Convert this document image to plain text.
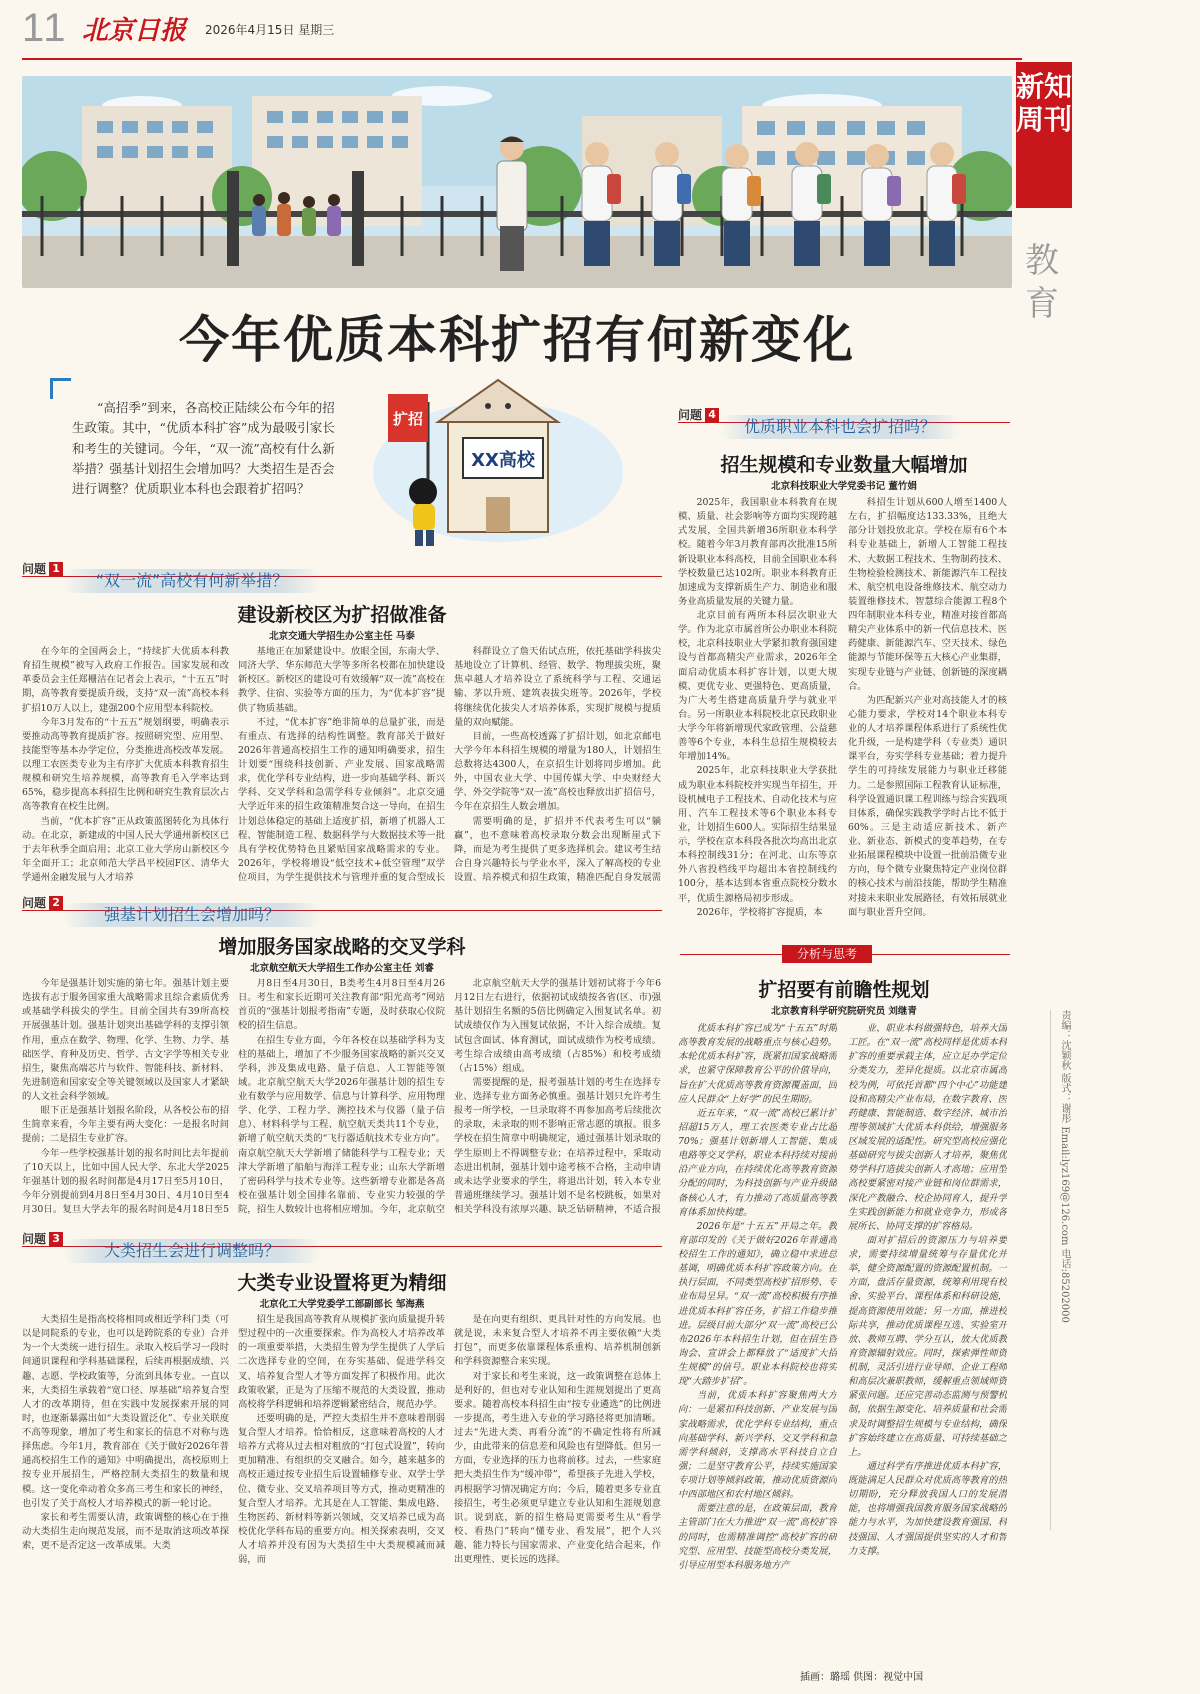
11 北京日报 2026年4月15日 星期三
新知周刊
教育
责编：沈颖秋 版式：谢彤 Email:lyz169@126.com 电话:85202000
今年优质本科扩招有何新变化
“高招季”到来，各高校正陆续公布今年的招生政策。其中，“优质本科扩容”成为最吸引家长和考生的关键词。今年，“双一流”高校有什么新举措？强基计划招生会增加吗？大类招生是否会进行调整？优质职业本科也会跟着扩招吗？
XX高校
扩招
问题 1
“双一流”高校有何新举措？
建设新校区为扩招做准备
北京交通大学招生办公室主任 马泰

在今年的全国两会上，“持续扩大优质本科教育招生规模”被写入政府工作报告。国家发展和改革委员会主任郑栅洁在记者会上表示，“十五五”时期，高等教育要提质升级，支持“双一流”高校本科扩招10万人以上，建强200个应用型本科院校。

今年3月发布的“十五五”规划纲要，明确表示要推动高等教育提质扩容。按照研究型、应用型、技能型等基本办学定位，分类推进高校改革发展。以理工农医类专业为主有序扩大优质本科教育招生规模和研究生培养规模，高等教育毛入学率达到65%，稳步提高本科招生比例和研究生教育层次占高等教育在校生比例。

当前，“优本扩容”正从政策蓝图转化为具体行动。在北京，新建成的中国人民大学通州新校区已于去年秋季全面启用；北京工业大学房山新校区今年全面开工；北京师范大学昌平校园F区、清华大学通州金融发展与人才培养

基地正在加紧建设中。放眼全国，东南大学、同济大学、华东师范大学等多所名校都在加快建设新校区。新校区的建设可有效缓解“双一流”高校在教学、住宿、实验等方面的压力，为“优本扩容”提供了物质基础。

不过，“优本扩容”绝非简单的总量扩张，而是有重点、有选择的结构性调整。教育部关于做好2026年普通高校招生工作的通知明确要求，招生计划要“围绕科技创新、产业发展、国家战略需求，优化学科专业结构，进一步向基础学科、新兴学科、交叉学科和急需学科专业倾斜”。北京交通大学近年来的招生政策精准契合这一导向，在招生计划总体稳定的基础上适度扩招，新增了机器人工程、智能制造工程、数据科学与大数据技术等一批具有学校优势特色且紧贴国家战略需求的专业。2026年，学校将增设“低空技术+低空管理”双学位项目，为学生提供技术与管理并重的复合型成长

科群设立了詹天佑试点班，依托基础学科拔尖基地设立了计算机、经管、数学、物理拔尖班，聚焦卓越人才培养设立了系统科学与工程、交通运输、茅以升班、建筑表拔尖班等。2026年，学校将继续优化拔尖人才培养体系，实现扩规模与提质量的双向赋能。

目前，一些高校透露了扩招计划，如北京邮电大学今年本科招生规模的增量为180人，计划招生总数将达4300人，在京招生计划将同步增加。此外，中国农业大学、中国传媒大学、中央财经大学、外交学院等“双一流”高校也释放出扩招信号，今年在京招生人数会增加。

需要明确的是，扩招并不代表考生可以“躺赢”，也不意味着高校录取分数会出现断崖式下降，而是为考生提供了更多选择机会。建议考生结合自身兴趣特长与学业水平，深入了解高校的专业设置、培养模式和招生政策，精准匹配自身发展需

问题 2
强基计划招生会增加吗？
增加服务国家战略的交叉学科
北京航空航天大学招生工作办公室主任 刘睿

今年是强基计划实施的第七年。强基计划主要选拔有志于服务国家重大战略需求且综合素质优秀或基础学科拔尖的学生。目前全国共有39所高校开展强基计划。强基计划突出基础学科的支撑引领作用，重点在数学、物理、化学、生物、力学、基础医学、育种及历史、哲学、古文字学等相关专业招生，聚焦高端芯片与软件、智能科技、新材料、先进制造和国家安全等关键领域以及国家人才紧缺的人文社会科学领域。

眼下正是强基计划报名阶段，从各校公布的招生简章来看，今年主要有两大变化：一是报名时间提前；二是招生专业扩容。

今年一些学校强基计划的报名时间比去年提前了10天以上，比如中国人民大学、东北大学2025年强基计划的报名时间都是4月17日至5月10日，今年分别提前到4月8日至4月30日、4月10日至4月30日。复旦大学去年的报名时间是4月18日至5

月8日至4月30日，B类考生4月8日至4月26日。考生和家长近期可关注教育部“阳光高考”网站首页的“强基计划报考指南”专题，及时获取心仪院校的招生信息。

在招生专业方面，今年各校在以基础学科为支柱的基础上，增加了不少服务国家战略的新兴交叉学科，涉及集成电路、量子信息、人工智能等领域。北京航空航天大学2026年强基计划的招生专业有数学与应用数学、信息与计算科学、应用物理学、化学、工程力学、测控技术与仪器（量子信息）、材料科学与工程、航空航天类共11个专业，新增了航空航天类的“飞行器适航技术专业方向”。南京航空航天大学新增了储能科学与工程专业；天津大学新增了船舶与海洋工程专业；山东大学新增了密码科学与技术专业等。这些新增专业都是各高校在强基计划全国排名靠前、专业实力较强的学院，招生人数较计也将相应增加。今年，北京航空

北京航空航天大学的强基计划初试将于今年6月12日左右进行，依据初试成绩按各省(区、市)强基计划招生名额的5倍比例确定入围复试名单。初试成绩仅作为入围复试依据，不计入综合成绩。复试包含面试、体育测试，面试成绩作为校考成绩。考生综合成绩由高考成绩（占85%）和校考成绩（占15%）组成。

需要提醒的是，报考强基计划的考生在选择专业、选择专业方面务必慎重。强基计划只允许考生报考一所学校，一旦录取将不再参加高考后续批次的录取，未录取的则不影响正常志愿的填报。很多学校在招生简章中明确规定，通过强基计划录取的学生原则上不得调整专业；在培养过程中，采取动态进出机制，强基计划中途考核不合格，主动申请或未达学业要求的学生，将退出计划，转入本专业普通班继续学习。强基计划不是名校跳板，如果对相关学科没有浓厚兴趣、缺乏钻研精神，不适合报

问题 3
大类招生会进行调整吗？
大类专业设置将更为精细
北京化工大学党委学工部副部长 邹海燕

大类招生是指高校将相同或相近学科门类（可以是同院系的专业，也可以是跨院系的专业）合并为一个大类统一进行招生。录取入校后学习一段时间通识课程和学科基础课程，后续再根据成绩、兴趣、志愿、学校政策等，分流到具体专业。一直以来，大类招生承载着“宽口径、厚基础”培养复合型人才的改革期待，但在实践中发展探索开展的同时，也逐渐暴露出如“大类设置泛化”、专业关联度不高等现象，增加了考生和家长的信息不对称与选择焦虑。今年1月，教育部在《关于做好2026年普通高校招生工作的通知》中明确提出，高校原则上按专业开展招生，严格控制大类招生的数量和规模。这一变化牵动着众多高三考生和家长的神经，也引发了关于高校人才培养模式的新一轮讨论。

家长和考生需要认清，政策调整的核心在于推动大类招生走向规范发展，而不是取消这项改革探索，更不是否定这一改革成果。大类

招生是我国高等教育从规模扩张向质量提升转型过程中的一次重要探索。作为高校人才培养改革的一项重要举措，大类招生曾为学生提供了人学后二次选择专业的空间，在夯实基础、促进学科交叉、培养复合型人才等方面发挥了积极作用。此次政策收紧，正是为了压缩不规范的大类设置，推动高校将学科逻辑和培养逻辑紧密结合，规范办学。

还要明确的是，严控大类招生并不意味着削弱复合型人才培养。恰恰相反，这意味着高校的人才培养方式将从过去相对粗放的“打包式设置”，转向更加精准、有组织的交叉融合。如今，越来越多的高校正通过按专业招生后设置辅修专业、双学士学位、微专业、交叉培养项目等方式，推动更精准的复合型人才培养。尤其是在人工智能、集成电路、生物医药、新材料等新兴领域，交叉培养已成为高校优化学科布局的重要方向。相关探索表明，交叉人才培养并没有因为大类招生中大类规模减而减弱，而

是在向更有组织、更具针对性的方向发展。也就是说，未来复合型人才培养不再主要依赖“大类打包”，而更多依靠课程体系重构、培养机制创新和学科资源整合来实现。

对于家长和考生来说，这一政策调整在总体上是利好的，但也对专业认知和生涯规划提出了更高要求。随着高校本科招生由“按专业遴选”的比例进一步提高，考生进入专业的学习路径将更加清晰。过去“先进大类、再看分流”的不确定性将有所减少，由此带来的信息差和风险也有望降低。但另一方面，专业选择的压力也将前移。过去，一些家庭把大类招生作为“缓冲带”，希望孩子先进入学校，再根据学习情况确定方向；今后，随着更多专业直接招生，考生必须更早建立专业认知和生涯规划意识。说到底，新的招生格局更需要考生从“看学校、看热门”转向“懂专业、看发展”，把个人兴趣、能力特长与国家需求、产业变化结合起来，作出更理性、更长远的选择。

问题 4
优质职业本科也会扩招吗？
招生规模和专业数量大幅增加
北京科技职业大学党委书记 董竹娟

2025年，我国职业本科教育在规模、质量、社会影响等方面均实现跨越式发展，全国共新增36所职业本科学校。随着今年3月教育部再次批准15所新设职业本科高校，目前全国职业本科学校数量已达102所。职业本科教育正加速成为支撑新质生产力、制造业和服务业高质量发展的关键力量。

北京目前有两所本科层次职业大学。作为北京市属首所公办职业本科院校，北京科技职业大学紧扣教育强国建设与首都高精尖产业需求，2026年全面启动优质本科扩容计划，以更大规模、更优专业、更强特色、更高质量，为广大考生搭建高质量升学与就业平台。另一所职业本科院校北京民政职业大学今年将新增现代家政管理、公益慈善等6个专业，本科生总招生规模较去年增加14%。

2025年，北京科技职业大学获批成为职业本科院校并实现当年招生，开设机械电子工程技术、自动化技术与应用、汽车工程技术等6个职业本科专业，计划招生600人。实际招生结果显示，学校在京本科段各批次均高出北京本科控制线31分；在河北、山东等京外八省投档线平均超出本省控制线约100分，基本达到本省重点院校分数水平，优质生源格局初步形成。

2026年，学校将扩容提质，本

科招生计划从600人增至1400人左右，扩招幅度达133.33%，且绝大部分计划投放北京。学校在原有6个本科专业基础上，新增人工智能工程技术、大数据工程技术、生物制药技术、生物检验检测技术、新能源汽车工程技术、航空机电设备维修技术、航空动力装置维修技术、智慧综合能源工程8个四年制职业本科专业，精准对接首都高精尖产业体系中的新一代信息技术、医药健康、新能源汽车、空天技术、绿色能源与节能环保等五大核心产业集群，实现专业链与产业链、创新链的深度耦合。

为匹配新兴产业对高技能人才的核心能力要求，学校对14个职业本科专业的人才培养课程体系进行了系统性优化升级，一是构建学科（专业类）通识课平台，夯实学科专业基础；着力提升学生的可持续发展能力与职业迁移能力。二是参照国际工程教育认证标准，科学设置通识课工程训练与综合实践项目体系，确保实践教学学时占比不低于60%。三是主动适应新技术、新产业、新业态、新模式的变革趋势，在专业拓展课程模块中设置一批前沿微专业方向，每个微专业聚焦特定产业岗位群的核心技术与前沿技能，帮助学生精准对接未来职业发展路径，有效拓展就业面与职业晋升空间。

分析与思考
扩招要有前瞻性规划
北京教育科学研究院研究员 刘继青

优质本科扩容已成为“十五五”时期高等教育发展的战略重点与核心趋势。本轮优质本科扩容，既紧扣国家战略需求，也紧守保障教育公平的价值导向，旨在扩大优质高等教育资源覆盖面，回应人民群众“上好学”的民生期盼。

近五年来，“双一流”高校已累计扩招超15万人，理工农医类专业占比超70%；强基计划新增人工智能、集成电路等交叉学科，职业本科持续对接前沿产业方向，在持续优化高等教育资源分配的同时，为科技创新与产业升级储备核心人才，有力推动了高质量高等教育体系加快构建。

2026年是“十五五”开局之年。教育部印发的《关于做好2026年普通高校招生工作的通知》，确立稳中求进总基调，明确优质本科扩容政策方向。在执行层面，不同类型高校扩招形势、专业布局呈异。“双一流”高校积极有序推进优质本科扩容任务，扩招工作稳步推进。层级目前大部分“双一流”高校已公布2026年本科招生计划，但在招生咨询会、宣讲会上都释放了“适度扩大招生规模”的信号。职业本科院校也将实现“大踏步扩招”。

当前，优质本科扩容聚焦两大方向：一是紧扣科技创新、产业发展与国家战略需求，优化学科专业结构，重点向基础学科、新兴学科、交叉学科和急需学科倾斜，支撑高水平科技自立自强；二是坚守教育公平，持续实施国家专项计划等倾斜政策，推动优质资源向中西部地区和农村地区倾斜。

需要注意的是，在政策层面，教育主管部门在大力推进“双一流”高校扩容的同时，也需精准调控“高校扩容的研究型、应用型、技能型高校分类发展，引导应用型本科服务地方产

业、职业本科做强特色，培养大国工匠。在“双一流”高校同样是优质本科扩容的重要承载主体，应立足办学定位分类发力，差异化提质。以北京市属高校为例，可依托首都“四个中心”功能建设和高精尖产业布局，在数字教育、医药健康、智能制造、数字经济、城市治理等领域扩大优质本科供给，增强服务区域发展的适配性。研究型高校应强化基础研究与拔尖创新人才培养，聚焦优势学科打造拔尖创新人才高地；应用型高校要紧密对接产业链和岗位群需求，深化产教融合、校企协同育人，提升学生实践创新能力和就业竞争力，形成各展所长、协同支撑的扩容格局。

面对扩招后的资源压力与培养要求，需要持续增量统筹与存量优化并举，健全资源配置的资源配置机制。一方面，盘活存量资源，统筹利用现有校舍、实验平台、课程体系和科研设施，提高资源使用效能；另一方面，推进校际共享，推动优质课程互选、实验室开放、教师互聘、学分互认，放大优质教育资源辐射效应。同时，探索弹性师资机制，灵活引进行业导师、企业工程师和高层次兼职教师，缓解重点领域师资紧张问题。还应完善动态监测与预警机制，依据生源变化、培养质量和社会需求及时调整招生规模与专业结构，确保扩容始终建立在高质量、可持续基础之上。

通过科学有序推进优质本科扩容，既能满足人民群众对优质高等教育的热切期盼，充分释放我国人口的发展潜能，也将增强我国教育服务国家战略的能力与水平，为加快建设教育强国、科技强国、人才强国提供坚实的人才和智力支撑。

插画：璐瑶 供图：视觉中国
